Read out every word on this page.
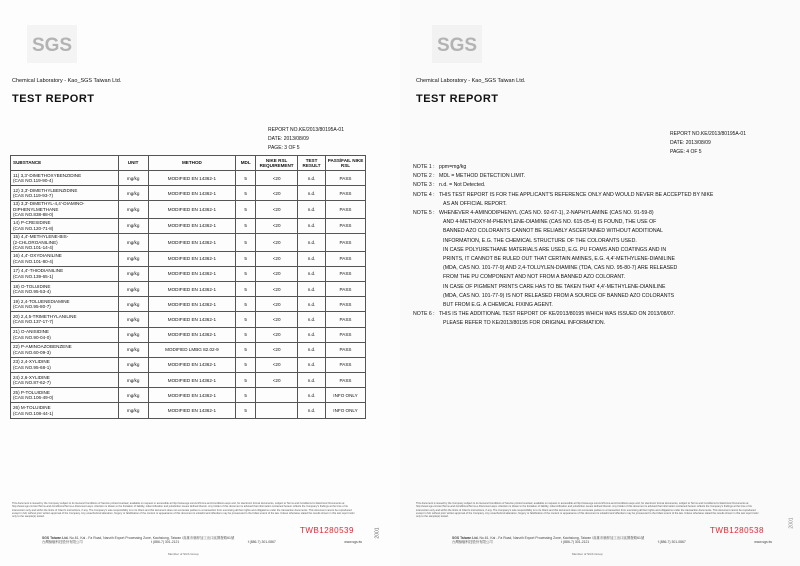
SGS
Chemical Laboratory - Kao_SGS Taiwan Ltd.
TEST REPORT
REPORT NO.KE/2013/80195A-01
DATE: 2013/08/09
PAGE: 3 OF 5
SUBSTANCE	UNIT	METHOD	MDL	NIKE RSL REQUIREMENT	TEST RESULT	PASS/FAIL NIKE RSL

11) 3,3'-DIMETHOXYBENZIDINE
(CAS NO.119-90-4)	mg/kg	MODIFIED EN 14362-1	5	<20	n.d.	PASS

12) 3,3'-DIMETHYLBENZIDINE
(CAS NO.119-93-7)	mg/kg	MODIFIED EN 14362-1	5	<20	n.d.	PASS

13) 3,3'-DIMETHYL-4,4'-DIAMINO-
DIPHENYLMETHANE
(CAS NO.838-88-0)	mg/kg	MODIFIED EN 14362-1	5	<20	n.d.	PASS

14) P-CRESIDINE
(CAS NO.120-71-8)	mg/kg	MODIFIED EN 14362-1	5	<20	n.d.	PASS

15) 4,4'-METHYLENE-BIS-
(2-CHLOROANILINE)
(CAS NO.101-14-4)	mg/kg	MODIFIED EN 14362-1	5	<20	n.d.	PASS

16) 4,4'-OXYDIANILINE
(CAS NO.101-80-4)	mg/kg	MODIFIED EN 14362-1	5	<20	n.d.	PASS

17) 4,4'-THIODIANILINE
(CAS NO.139-65-1)	mg/kg	MODIFIED EN 14362-1	5	<20	n.d.	PASS

18) O-TOLUIDINE
(CAS NO.95-53-4)	mg/kg	MODIFIED EN 14362-1	5	<20	n.d.	PASS

19) 2,4-TOLUENEDIAMINE
(CAS NO.95-80-7)	mg/kg	MODIFIED EN 14362-1	5	<20	n.d.	PASS

20) 2,4,5-TRIMETHYLANILINE
(CAS NO.137-17-7)	mg/kg	MODIFIED EN 14362-1	5	<20	n.d.	PASS

21) O-ANISIDINE
(CAS NO.90-04-0)	mg/kg	MODIFIED EN 14362-1	5	<20	n.d.	PASS

22) P-AMINOAZOBENZENE
(CAS NO.60-09-3)	mg/kg	MODIFIED LMBG 82.02-9	5	<20	n.d.	PASS

23) 2,4-XYLIDINE
(CAS NO.95-68-1)	mg/kg	MODIFIED EN 14362-1	5	<20	n.d.	PASS

24) 2,6-XYLIDINE
(CAS NO.87-62-7)	mg/kg	MODIFIED EN 14362-1	5	<20	n.d.	PASS

25) P-TOLUIDINE
(CAS NO.106-49-0)	mg/kg	MODIFIED EN 14362-1	5		n.d.	INFO ONLY

26) M-TOLUIDINE
(CAS NO.108-44-1)	mg/kg	MODIFIED EN 14362-1	5		n.d.	INFO ONLY
This document is issued by the Company subject to its General Conditions of Service printed overleaf, available on request or accessible at http://www.sgs.com/en/Terms-and-Conditions.aspx and, for electronic format documents, subject to Terms and Conditions for Electronic Documents at http://www.sgs.com/en/Terms-and-Conditions/Terms-e-Document.aspx. Attention is drawn to the limitation of liability, indemnification and jurisdiction issues defined therein. Any holder of this document is advised that information contained hereon reflects the Company's findings at the time of its intervention only and within the limits of Client's instructions, if any. The Company's sole responsibility is to its Client and this document does not exonerate parties to a transaction from exercising all their rights and obligations under the transaction documents. This document cannot be reproduced except in full, without prior written approval of the Company. Any unauthorized alteration, forgery or falsification of the content or appearance of this document is unlawful and offenders may be prosecuted to the fullest extent of the law. Unless otherwise stated the results shown in this test report refer only to the sample(s) tested.
TWB1280539
SGS Taiwan Ltd. No.61, Kai - Fa Road, Nanzih Export Processing Zone, Kaohsiung, Taiwan /高雄市楠梓加工出口區開發路61號
台灣檢驗科技股份有限公司	t (886-7) 301-2121	f (886-7) 301-0867	www.sgs.tw
Member of SGS Group
2001
SGS
Chemical Laboratory - Kao_SGS Taiwan Ltd.
TEST REPORT
REPORT NO.KE/2013/80195A-01
DATE: 2013/08/09
PAGE: 4 OF 5
NOTE 1 : ppm=mg/kg
NOTE 2 : MDL = METHOD DETECTION LIMIT.
NOTE 3 : n.d. = Not Detected.
NOTE 4 : THIS TEST REPORT IS FOR THE APPLICANT'S REFERENCE ONLY AND WOULD NEVER BE ACCEPTED BY NIKE
AS AN OFFICIAL REPORT.
NOTE 5 : WHENEVER 4-AMINODIPHENYL (CAS NO. 92-67-1), 2-NAPHYLAMINE (CAS NO. 91-59-8)
AND 4-METHOXY-M-PHENYLENE-DIAMINE (CAS NO. 615-05-4) IS FOUND, THE USE OF
BANNED AZO COLORANTS CANNOT BE RELIABLY ASCERTAINED WITHOUT ADDITIONAL
INFORMATION, E.G. THE CHEMICAL STRUCTURE OF THE COLORANTS USED.
IN CASE POLYURETHANE MATERIALS ARE USED, E.G. PU FOAMS AND COATINGS AND IN
PRINTS, IT CANNOT BE RULED OUT THAT CERTAIN AMINES, E.G. 4,4'-METHYLENE-DIANILINE
(MDA, CAS NO. 101-77-9) AND 2,4-TOLUYLEN-DIAMINE (TDA, CAS NO. 95-80-7) ARE RELEASED
FROM THE PU COMPONENT AND NOT FROM A BANNED AZO COLORANT.
IN CASE OF PIGMENT PRINTS CARE HAS TO BE TAKEN THAT 4,4'-METHYLENE-DIANILINE
(MDA, CAS NO. 101-77-9) IS NOT RELEASED FROM A SOURCE OF BANNED AZO COLORANTS
BUT FROM E.G. A CHEMICAL FIXING AGENT.
NOTE 6 : THIS IS THE ADDITIONAL TEST REPORT OF KE/2013/80195 WHICH WAS ISSUED ON 2013/08/07.
PLEASE REFER TO KE/2013/80195 FOR ORIGINAL INFORMATION.
This document is issued by the Company subject to its General Conditions of Service printed overleaf, available on request or accessible at http://www.sgs.com/en/Terms-and-Conditions.aspx and, for electronic format documents, subject to Terms and Conditions for Electronic Documents at http://www.sgs.com/en/Terms-and-Conditions/Terms-e-Document.aspx. Attention is drawn to the limitation of liability, indemnification and jurisdiction issues defined therein. Any holder of this document is advised that information contained hereon reflects the Company's findings at the time of its intervention only and within the limits of Client's instructions, if any. The Company's sole responsibility is to its Client and this document does not exonerate parties to a transaction from exercising all their rights and obligations under the transaction documents. This document cannot be reproduced except in full, without prior written approval of the Company. Any unauthorized alteration, forgery or falsification of the content or appearance of this document is unlawful and offenders may be prosecuted to the fullest extent of the law. Unless otherwise stated the results shown in this test report refer only to the sample(s) tested.
TWB1280538
SGS Taiwan Ltd. No.61, Kai - Fa Road, Nanzih Export Processing Zone, Kaohsiung, Taiwan /高雄市楠梓加工出口區開發路61號
台灣檢驗科技股份有限公司	t (886-7) 301-2121	f (886-7) 301-0867	www.sgs.tw
Member of SGS Group
2001
